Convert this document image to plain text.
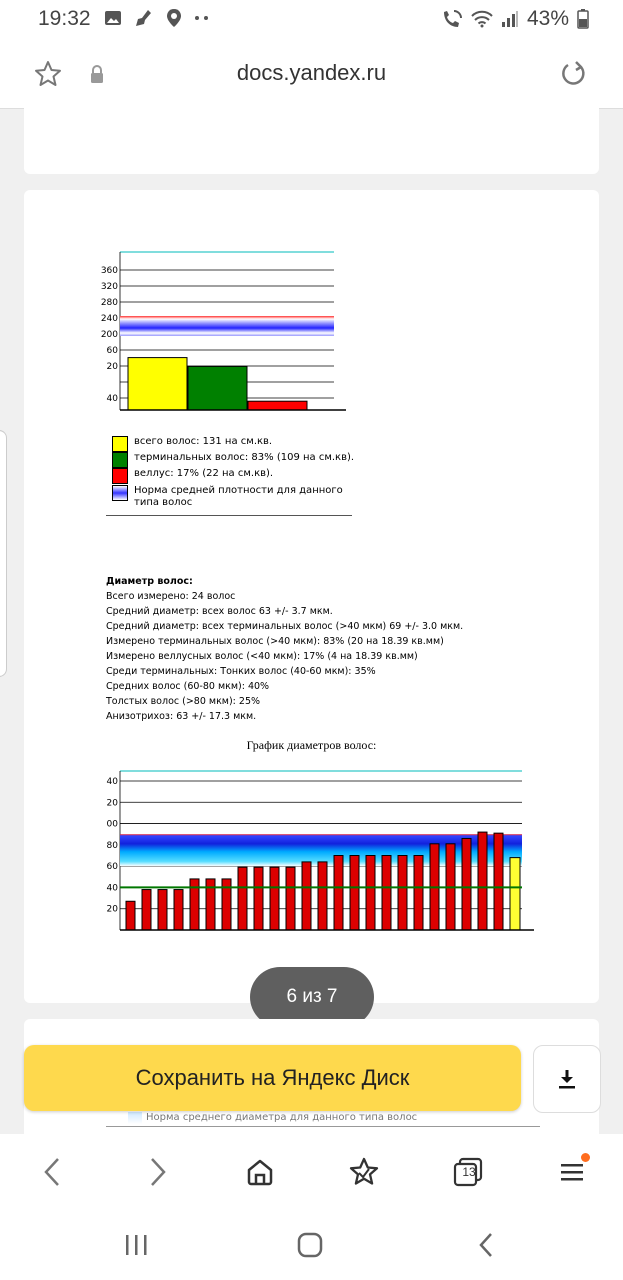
19:32	43%
docs.yandex.ru
360
320
280
240
200
60
20
40
всего волос: 131 на см.кв.
терминальных волос: 83% (109 на см.кв).
веллус: 17% (22 на см.кв).
Норма средней плотности для данного типа волос
Диаметр волос:
Всего измерено: 24 волос
Средний диаметр: всех волос 63 +/- 3.7 мкм.
Средний диаметр: всех терминальных волос (>40 мкм) 69 +/- 3.0 мкм.
Измерено терминальных волос (>40 мкм): 83% (20 на 18.39 кв.мм)
Измерено веллусных волос (<40 мкм): 17% (4 на 18.39 кв.мм)
Среди терминальных: Тонких волос (40-60 мкм): 35%
Средних волос (60-80 мкм): 40%
Толстых волос (>80 мкм): 25%
Анизотрихоз: 63 +/- 17.3 мкм.
График диаметров волос:
40
20
00
80
60
40
20
6 из 7
Норма среднего диаметра для данного типа волос
Сохранить на Яндекс Диск
13
